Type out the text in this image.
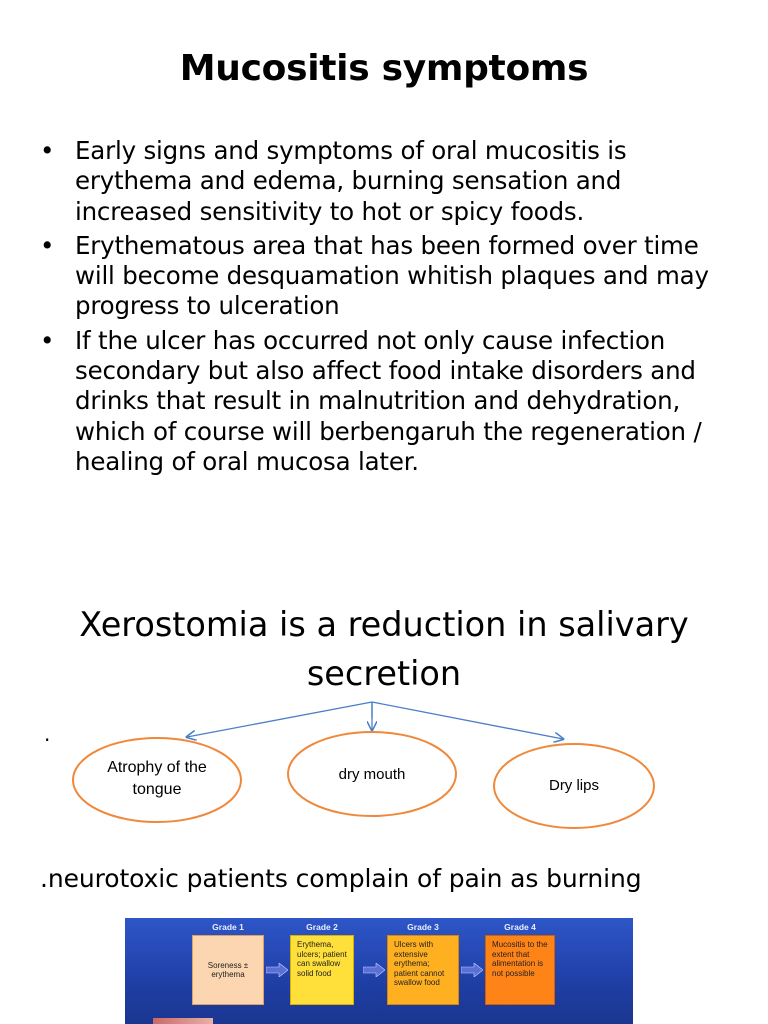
Mucositis symptoms
• Early signs and symptoms of oral mucositis is erythema and edema, burning sensation and increased sensitivity to hot or spicy foods.
• Erythematous area that has been formed over time will become desquamation whitish plaques and may progress to ulceration
• If the ulcer has occurred not only cause infection secondary but also affect food intake disorders and drinks that result in malnutrition and dehydration, which of course will berbengaruh the regeneration / healing of oral mucosa later.
Xerostomia is a reduction in salivary secretion
.
Atrophy of the tongue
dry mouth
Dry lips
.neurotoxic patients complain of pain as burning
Grade 1	Grade 2	Grade 3	Grade 4
Soreness ± erythema
Erythema, ulcers; patient can swallow solid food
Ulcers with extensive erythema; patient cannot swallow food
Mucositis to the extent that alimentation is not possible
